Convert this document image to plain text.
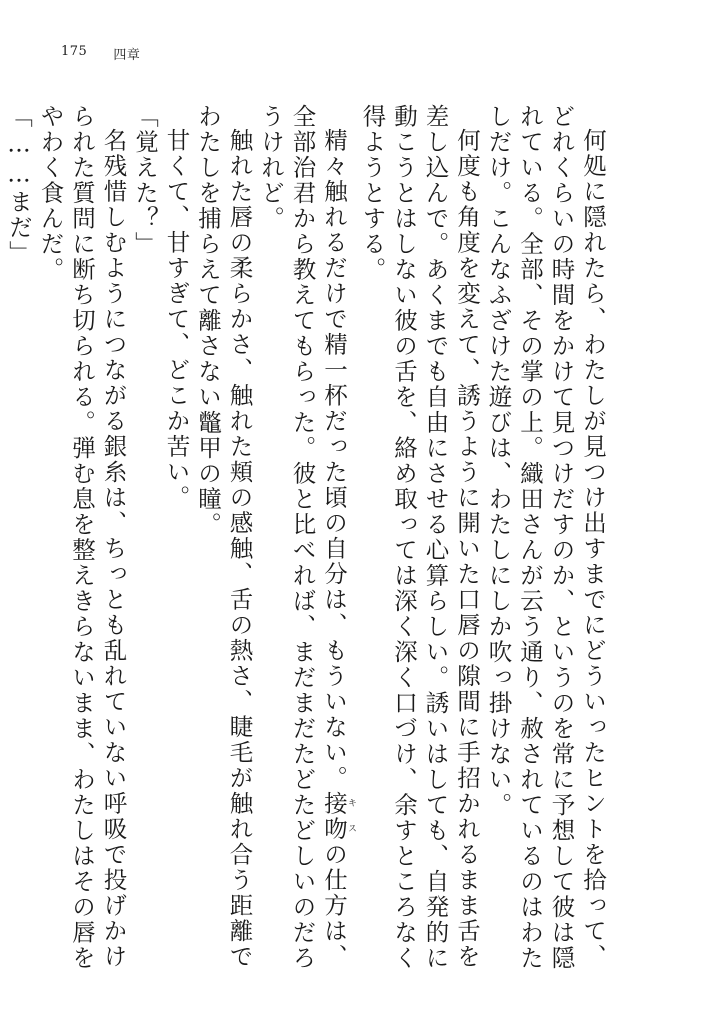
175 四章

何処に隠れたら、わたしが見つけ出すまでにどういったヒントを拾って、どれくらいの時間をかけて見つけだすのか、というのを常に予想して彼は隠れている。全部、その掌の上。織田さんが云う通り、赦されているのはわたしだけ。こんなふざけた遊びは、わたしにしか吹っ掛けない。

何度も角度を変えて、誘うように開いた口唇の隙間に手招かれるまま舌を差し込んで。あくまでも自由にさせる心算らしい。誘いはしても、自発的に動こうとはしない彼の舌を、絡め取っては深く深く口づけ、余すところなく得ようとする。

精々触れるだけで精一杯だった頃の自分は、もういない。接吻キスの仕方は、全部治君から教えてもらった。彼と比べれば、まだまだたどたどしいのだろうけれど。

触れた唇の柔らかさ、触れた頬の感触、舌の熱さ、睫毛が触れ合う距離でわたしを捕らえて離さない鼈甲の瞳。

甘くて、甘すぎて、どこか苦い。

「覚えた？」

名残惜しむようにつながる銀糸は、ちっとも乱れていない呼吸で投げかけられた質問に断ち切られる。弾む息を整えきらないまま、わたしはその唇をやわく食んだ。

「……まだ」
